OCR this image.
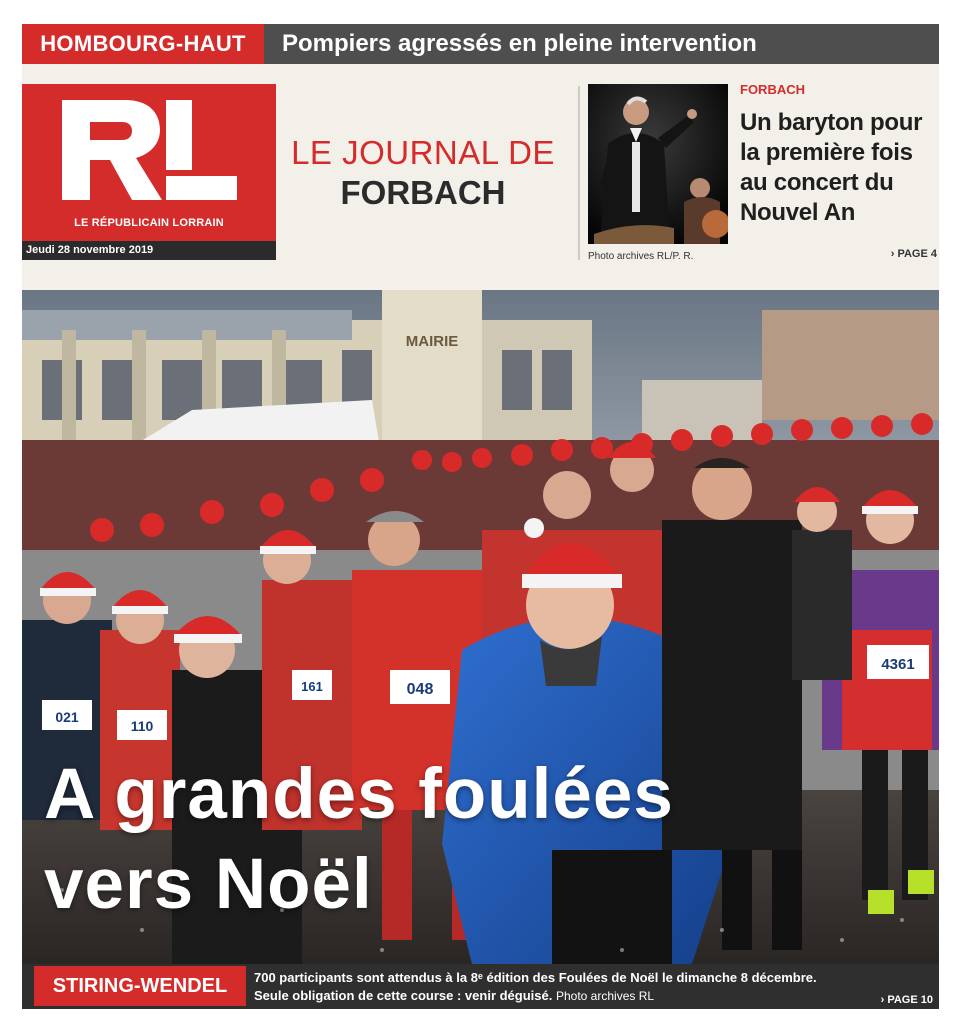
HOMBOURG-HAUT	Pompiers agressés en pleine intervention
LE RÉPUBLICAIN LORRAIN
Jeudi 28 novembre 2019
LE JOURNAL DE
FORBACH
Photo archives RL/P. R.
FORBACH
Un baryton pour la première fois au concert du Nouvel An
› PAGE 4
MAIRIE
021
110
161	048
4361
A grandes foulées
vers Noël
STIRING-WENDEL	700 participants sont attendus à la 8ᵉ édition des Foulées de Noël le dimanche 8 décembre.
Seule obligation de cette course : venir déguisé. Photo archives RL	› PAGE 10
